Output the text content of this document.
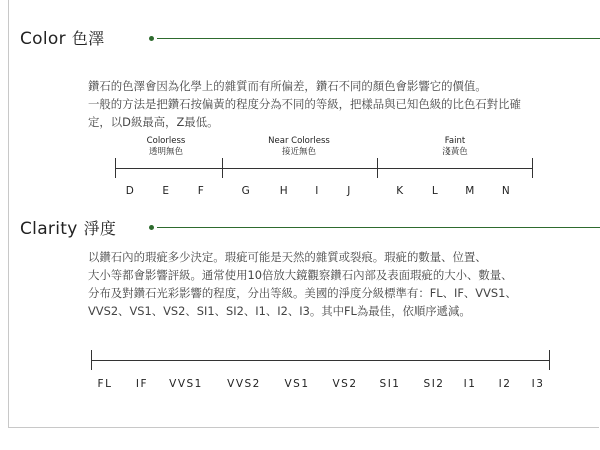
Color 色澤

鑽石的色澤會因為化學上的雜質而有所偏差，鑽石不同的顏色會影響它的價值。
一般的方法是把鑽石按偏黃的程度分為不同的等級，把樣品與已知色級的比色石對比確
定，以D級最高，Z最低。

Colorless
透明無色
Near Colorless
接近無色
Faint
淺黃色
D	E	F	G	H	I	J	K	L	M	N
Clarity 淨度

以鑽石內的瑕疵多少決定。瑕疵可能是天然的雜質或裂痕。瑕疵的數量、位置、
大小等都會影響評級。通常使用10倍放大鏡觀察鑽石內部及表面瑕疵的大小、數量、
分布及對鑽石光彩影響的程度，分出等級。美國的淨度分級標準有：FL、IF、VVS1、
VVS2、VS1、VS2、SI1、SI2、I1、I2、I3。其中FL為最佳，依順序遞減。

FL IF VVS1 VVS2 VS1 VS2 SI1 SI2 I1 I2 I3
